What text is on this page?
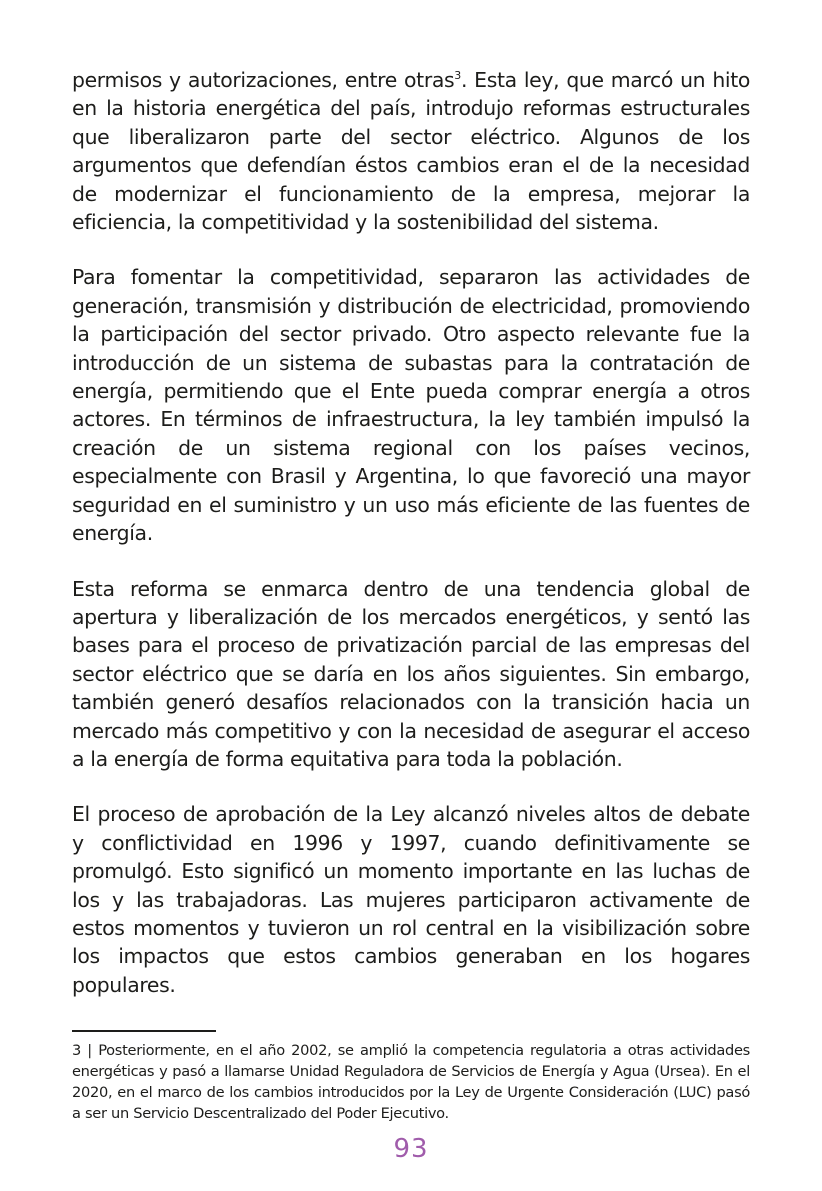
permisos y autorizaciones, entre otras$^3$. Esta ley, que marcó un hito en la historia energética del país, introdujo reformas estructurales que liberalizaron parte del sector eléctrico. Algunos de los argumentos que defendían éstos cambios eran el de la necesidad de modernizar el funcionamiento de la empresa, mejorar la eficiencia, la competitividad y la sostenibilidad del sistema.

Para fomentar la competitividad, separaron las actividades de generación, transmisión y distribución de electricidad, promoviendo la participación del sector privado. Otro aspecto relevante fue la introducción de un sistema de subastas para la contratación de energía, permitiendo que el Ente pueda comprar energía a otros actores. En términos de infraestructura, la ley también impulsó la creación de un sistema regional con los países vecinos, especialmente con Brasil y Argentina, lo que favoreció una mayor seguridad en el suministro y un uso más eficiente de las fuentes de energía.

Esta reforma se enmarca dentro de una tendencia global de apertura y liberalización de los mercados energéticos, y sentó las bases para el proceso de privatización parcial de las empresas del sector eléctrico que se daría en los años siguientes. Sin embargo, también generó desafíos relacionados con la transición hacia un mercado más competitivo y con la necesidad de asegurar el acceso a la energía de forma equitativa para toda la población.

El proceso de aprobación de la Ley alcanzó niveles altos de debate y conflictividad en 1996 y 1997, cuando definitivamente se promulgó. Esto significó un momento importante en las luchas de los y las trabajadoras. Las mujeres participaron activamente de estos momentos y tuvieron un rol central en la visibilización sobre los impactos que estos cambios generaban en los hogares populares.

3 | Posteriormente, en el año 2002, se amplió la competencia regulatoria a otras actividades energéticas y pasó a llamarse Unidad Reguladora de Servicios de Energía y Agua (Ursea). En el 2020, en el marco de los cambios introducidos por la Ley de Urgente Consideración (LUC) pasó a ser un Servicio Descentralizado del Poder Ejecutivo.

93
